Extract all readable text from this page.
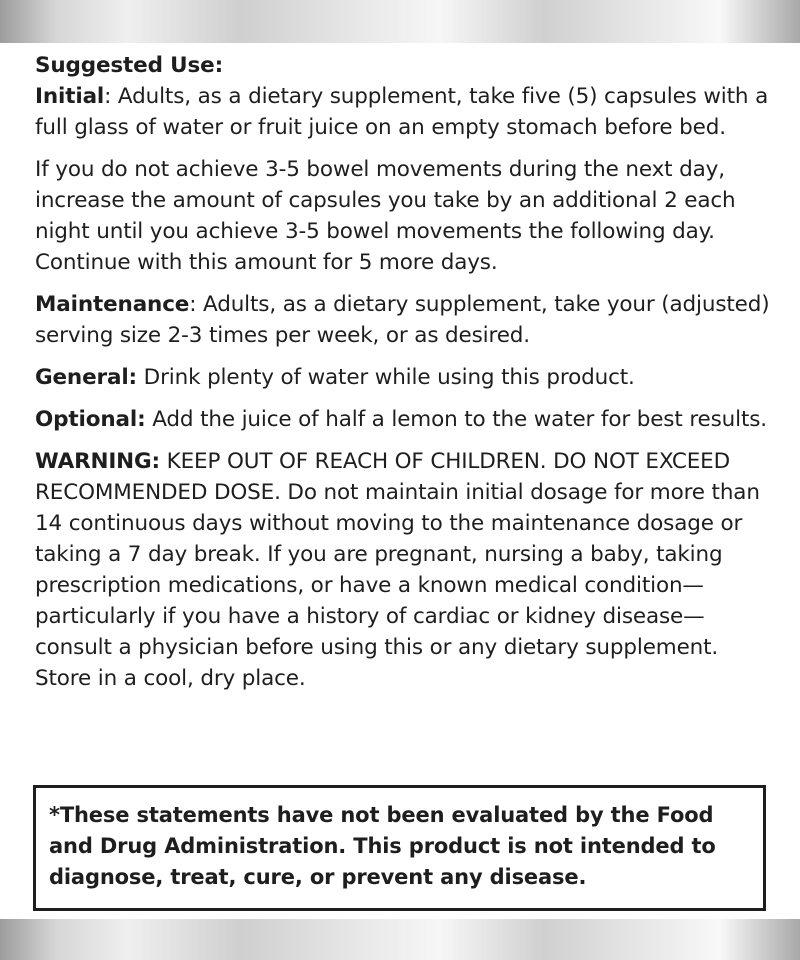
Suggested Use:

Initial: Adults, as a dietary supplement, take five (5) capsules with a full glass of water or fruit juice on an empty stomach before bed.

If you do not achieve 3-5 bowel movements during the next day, increase the amount of capsules you take by an additional 2 each night until you achieve 3-5 bowel movements the following day. Continue with this amount for 5 more days.

Maintenance: Adults, as a dietary supplement, take your (adjusted) serving size 2-3 times per week, or as desired.

General: Drink plenty of water while using this product.

Optional: Add the juice of half a lemon to the water for best results.

WARNING: KEEP OUT OF REACH OF CHILDREN. DO NOT EXCEED RECOMMENDED DOSE. Do not maintain initial dosage for more than 14 continuous days without moving to the maintenance dosage or taking a 7 day break. If you are pregnant, nursing a baby, taking prescription medications, or have a known medical condition—particularly if you have a history of cardiac or kidney disease—consult a physician before using this or any dietary supplement. Store in a cool, dry place.

*These statements have not been evaluated by the Food and Drug Administration. This product is not intended to diagnose, treat, cure, or prevent any disease.
